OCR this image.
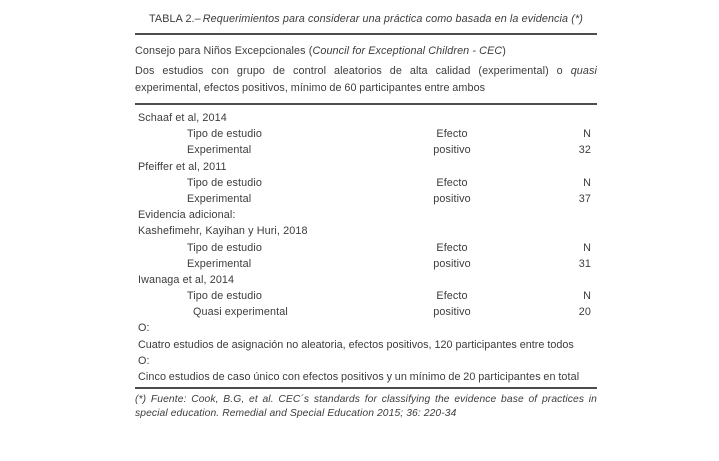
TABLA 2.– Requerimientos para considerar una práctica como basada en la evidencia (*)

Consejo para Niños Excepcionales (Council for Exceptional Children - CEC)

Dos estudios con grupo de control aleatorios de alta calidad (experimental) o quasi experimental, efectos positivos, mínimo de 60 participantes entre ambos

Schaaf et al, 2014
Tipo de estudio	Efecto	N
Experimental	positivo	32
Pfeiffer et al, 2011
Tipo de estudio	Efecto	N
Experimental	positivo	37
Evidencia adicional:
Kashefimehr, Kayihan y Huri, 2018
Tipo de estudio	Efecto	N
Experimental	positivo	31
Iwanaga et al, 2014
Tipo de estudio	Efecto	N
Quasi experimental	positivo	20

O:

Cuatro estudios de asignación no aleatoria, efectos positivos, 120 participantes entre todos

O:

Cinco estudios de caso único con efectos positivos y un mínimo de 20 participantes en total

(*) Fuente: Cook, B.G, et al. CEC´s standards for classifying the evidence base of practices in special education. Remedial and Special Education 2015; 36: 220-34
